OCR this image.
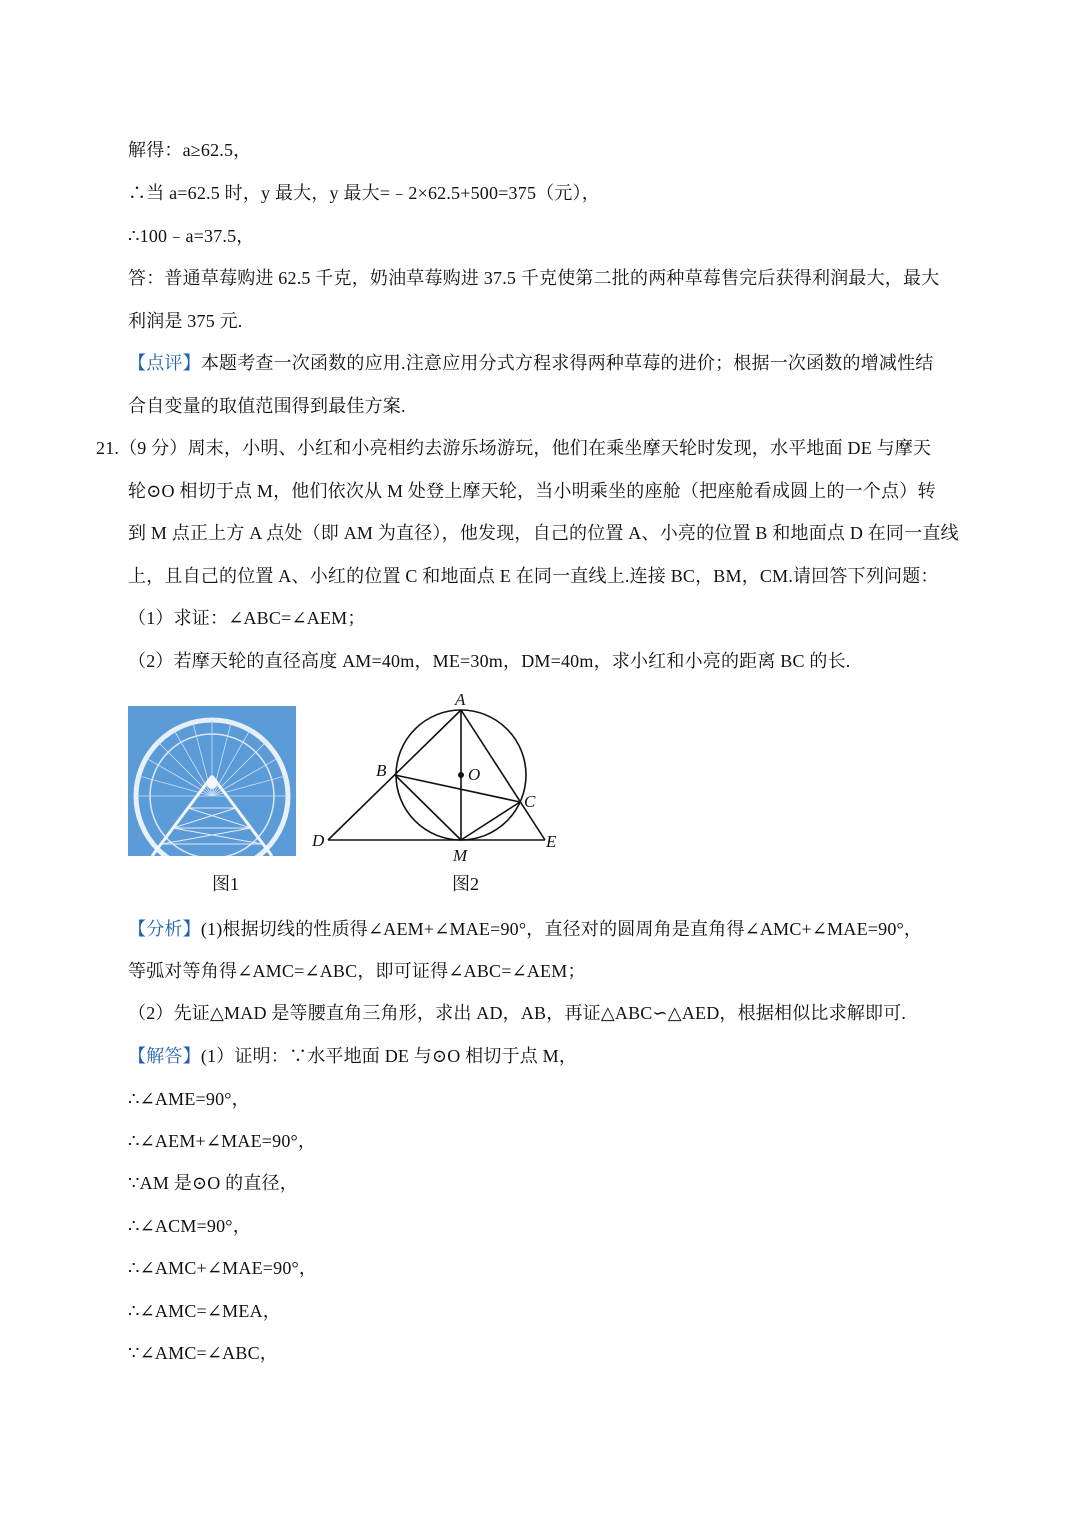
解得：a≥62.5，
∴当 a=62.5 时，y 最大，y 最大=﹣2×62.5+500=375（元），
∴100﹣a=37.5，
答：普通草莓购进 62.5 千克，奶油草莓购进 37.5 千克使第二批的两种草莓售完后获得利润最大，最大
利润是 375 元.
【点评】本题考查一次函数的应用.注意应用分式方程求得两种草莓的进价；根据一次函数的增减性结
合自变量的取值范围得到最佳方案.
21.（9 分）周末，小明、小红和小亮相约去游乐场游玩，他们在乘坐摩天轮时发现，水平地面 DE 与摩天
轮⊙O 相切于点 M，他们依次从 M 处登上摩天轮，当小明乘坐的座舱（把座舱看成圆上的一个点）转
到 M 点正上方 A 点处（即 AM 为直径），他发现，自己的位置 A、小亮的位置 B 和地面点 D 在同一直线
上，且自己的位置 A、小红的位置 C 和地面点 E 在同一直线上.连接 BC，BM，CM.请回答下列问题：
（1）求证：∠ABC=∠AEM；
（2）若摩天轮的直径高度 AM=40m，ME=30m，DM=40m，求小红和小亮的距离 BC 的长.
A
B	O
C
D	E
M
图1	图2
【分析】(1)根据切线的性质得∠AEM+∠MAE=90°，直径对的圆周角是直角得∠AMC+∠MAE=90°，
等弧对等角得∠AMC=∠ABC，即可证得∠ABC=∠AEM；
（2）先证△MAD 是等腰直角三角形，求出 AD，AB，再证△ABC∽△AED，根据相似比求解即可.
【解答】(1）证明：∵水平地面 DE 与⊙O 相切于点 M，
∴∠AME=90°，
∴∠AEM+∠MAE=90°，
∵AM 是⊙O 的直径，
∴∠ACM=90°，
∴∠AMC+∠MAE=90°，
∴∠AMC=∠MEA，
∵∠AMC=∠ABC，
